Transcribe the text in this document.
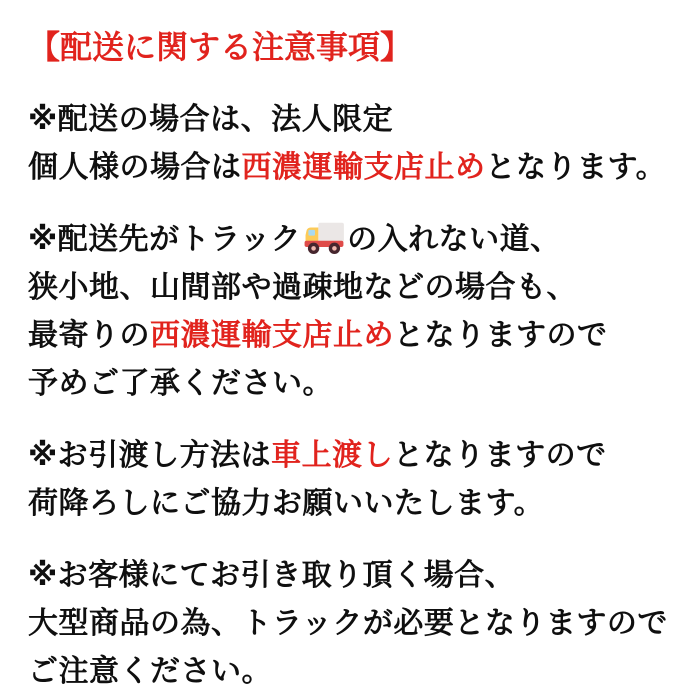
【配送に関する注意事項】
※配送の場合は、法人限定
個人様の場合は西濃運輸支店止めとなります。
※配送先がトラック の入れない道、
狭小地、山間部や過疎地などの場合も、
最寄りの西濃運輸支店止めとなりますので
予めご了承ください。
※お引渡し方法は車上渡しとなりますので
荷降ろしにご協力お願いいたします。
※お客様にてお引き取り頂く場合、
大型商品の為、トラックが必要となりますので
ご注意ください。
